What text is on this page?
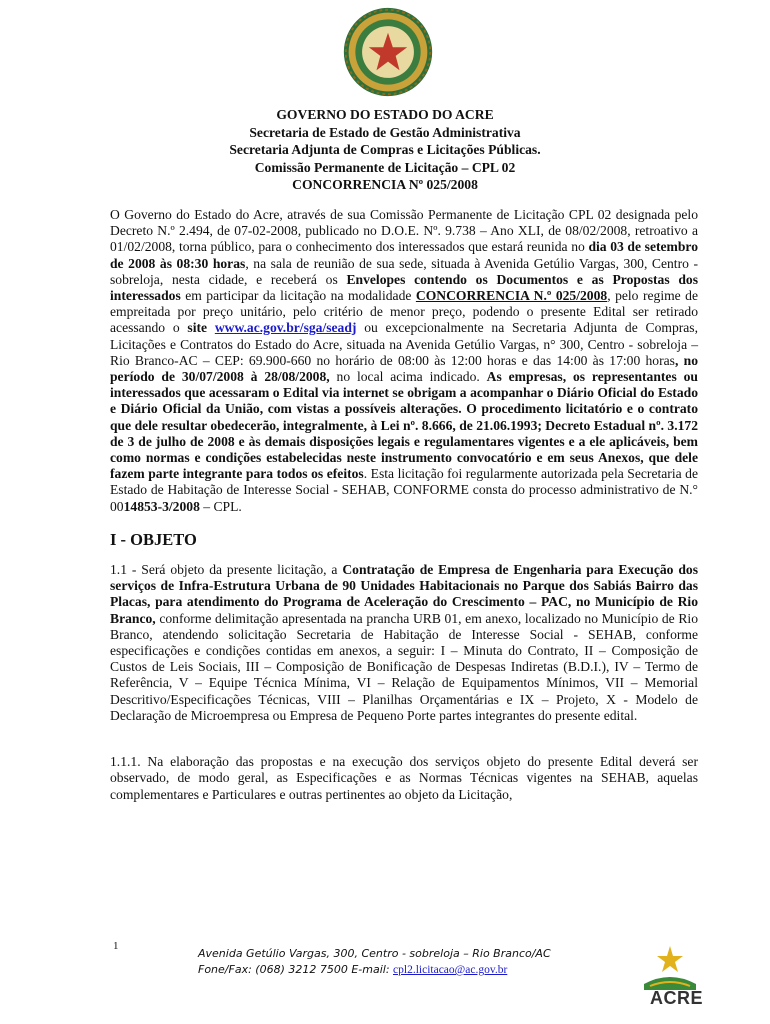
GOVERNO DO ESTADO DO ACRE
Secretaria de Estado de Gestão Administrativa
Secretaria Adjunta de Compras e Licitações Públicas.
Comissão Permanente de Licitação – CPL 02
CONCORRENCIA Nº 025/2008

O Governo do Estado do Acre, através de sua Comissão Permanente de Licitação CPL 02 designada pelo Decreto N.º 2.494, de 07-02-2008, publicado no D.O.E. Nº. 9.738 – Ano XLI, de 08/02/2008, retroativo a 01/02/2008, torna público, para o conhecimento dos interessados que estará reunida no dia 03 de setembro de 2008 às 08:30 horas, na sala de reunião de sua sede, situada à Avenida Getúlio Vargas, 300, Centro - sobreloja, nesta cidade, e receberá os Envelopes contendo os Documentos e as Propostas dos interessados em participar da licitação na modalidade CONCORRENCIA N.º 025/2008, pelo regime de empreitada por preço unitário, pelo critério de menor preço, podendo o presente Edital ser retirado acessando o site www.ac.gov.br/sga/seadj ou excepcionalmente na Secretaria Adjunta de Compras, Licitações e Contratos do Estado do Acre, situada na Avenida Getúlio Vargas, n° 300, Centro - sobreloja – Rio Branco-AC – CEP: 69.900-660 no horário de 08:00 às 12:00 horas e das 14:00 às 17:00 horas, no período de 30/07/2008 à 28/08/2008, no local acima indicado. As empresas, os representantes ou interessados que acessaram o Edital via internet se obrigam a acompanhar o Diário Oficial do Estado e Diário Oficial da União, com vistas a possíveis alterações. O procedimento licitatório e o contrato que dele resultar obedecerão, integralmente, à Lei nº. 8.666, de 21.06.1993; Decreto Estadual nº. 3.172 de 3 de julho de 2008 e às demais disposições legais e regulamentares vigentes e a ele aplicáveis, bem como normas e condições estabelecidas neste instrumento convocatório e em seus Anexos, que dele fazem parte integrante para todos os efeitos. Esta licitação foi regularmente autorizada pela Secretaria de Estado de Habitação de Interesse Social - SEHAB, CONFORME consta do processo administrativo de N.° 0014853-3/2008 – CPL.

I - OBJETO

1.1 - Será objeto da presente licitação, a Contratação de Empresa de Engenharia para Execução dos serviços de Infra-Estrutura Urbana de 90 Unidades Habitacionais no Parque dos Sabiás Bairro das Placas, para atendimento do Programa de Aceleração do Crescimento – PAC, no Município de Rio Branco, conforme delimitação apresentada na prancha URB 01, em anexo, localizado no Município de Rio Branco, atendendo solicitação Secretaria de Habitação de Interesse Social - SEHAB, conforme especificações e condições contidas em anexos, a seguir: I – Minuta do Contrato, II – Composição de Custos de Leis Sociais, III – Composição de Bonificação de Despesas Indiretas (B.D.I.), IV – Termo de Referência, V – Equipe Técnica Mínima, VI – Relação de Equipamentos Mínimos, VII – Memorial Descritivo/Especificações Técnicas, VIII – Planilhas Orçamentárias e IX – Projeto, X - Modelo de Declaração de Microempresa ou Empresa de Pequeno Porte partes integrantes do presente edital.

1.1.1. Na elaboração das propostas e na execução dos serviços objeto do presente Edital deverá ser observado, de modo geral, as Especificações e as Normas Técnicas vigentes na SEHAB, aquelas complementares e Particulares e outras pertinentes ao objeto da Licitação,

1
Avenida Getúlio Vargas, 300, Centro - sobreloja – Rio Branco/AC
Fone/Fax: (068) 3212 7500 E-mail: cpl2.licitacao@ac.gov.br
ACRE
